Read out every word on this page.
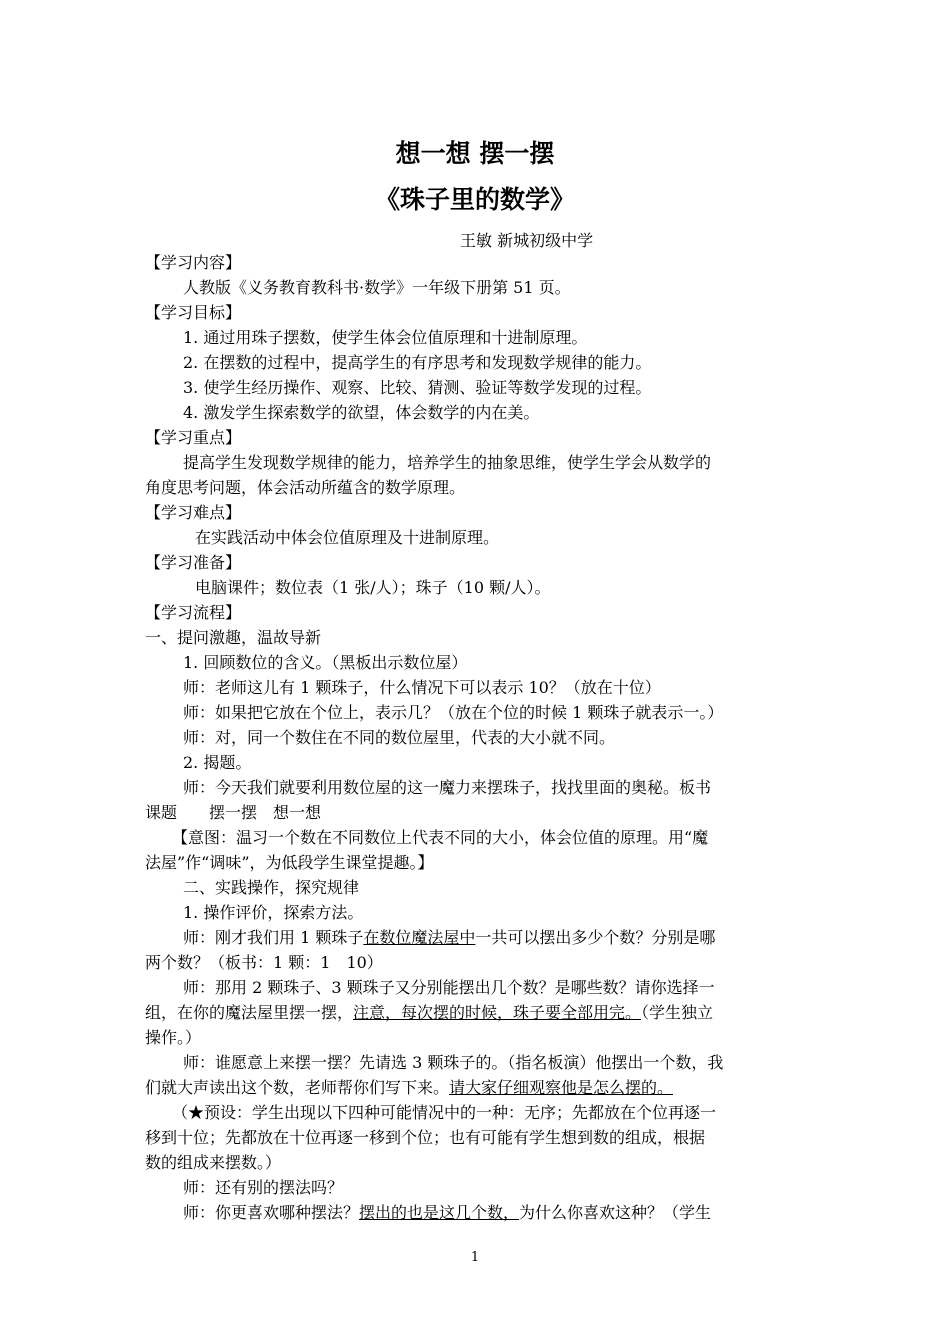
想一想 摆一摆
《珠子里的数学》
王敏 新城初级中学
【学习内容】
人教版《义务教育教科书·数学》一年级下册第 51 页。
【学习目标】
1. 通过用珠子摆数，使学生体会位值原理和十进制原理。
2. 在摆数的过程中，提高学生的有序思考和发现数学规律的能力。
3. 使学生经历操作、观察、比较、猜测、验证等数学发现的过程。
4. 激发学生探索数学的欲望，体会数学的内在美。
【学习重点】
提高学生发现数学规律的能力，培养学生的抽象思维，使学生学会从数学的
角度思考问题，体会活动所蕴含的数学原理。
【学习难点】
在实践活动中体会位值原理及十进制原理。
【学习准备】
电脑课件；数位表（1 张/人）；珠子（10 颗/人）。
【学习流程】
一、提问激趣，温故导新
1. 回顾数位的含义。（黑板出示数位屋）
师：老师这儿有 1 颗珠子，什么情况下可以表示 10？（放在十位）
师：如果把它放在个位上，表示几？（放在个位的时候 1 颗珠子就表示一。）
师：对，同一个数住在不同的数位屋里，代表的大小就不同。
2. 揭题。
师：今天我们就要利用数位屋的这一魔力来摆珠子，找找里面的奥秘。板书
课题　　摆一摆　想一想
【意图：温习一个数在不同数位上代表不同的大小，体会位值的原理。用“魔
法屋”作“调味”，为低段学生课堂提趣。】
二、实践操作，探究规律
1. 操作评价，探索方法。
师：刚才我们用 1 颗珠子在数位魔法屋中一共可以摆出多少个数？分别是哪
两个数？（板书：1 颗：1　10）
师：那用 2 颗珠子、3 颗珠子又分别能摆出几个数？是哪些数？请你选择一
组，在你的魔法屋里摆一摆，注意，每次摆的时候，珠子要全部用完。（学生独立
操作。）
师：谁愿意上来摆一摆？先请选 3 颗珠子的。（指名板演）他摆出一个数，我
们就大声读出这个数，老师帮你们写下来。请大家仔细观察他是怎么摆的。
（★预设：学生出现以下四种可能情况中的一种：无序；先都放在个位再逐一
移到十位；先都放在十位再逐一移到个位；也有可能有学生想到数的组成，根据
数的组成来摆数。）
师：还有别的摆法吗？
师：你更喜欢哪种摆法？摆出的也是这几个数，为什么你喜欢这种？（学生
1
